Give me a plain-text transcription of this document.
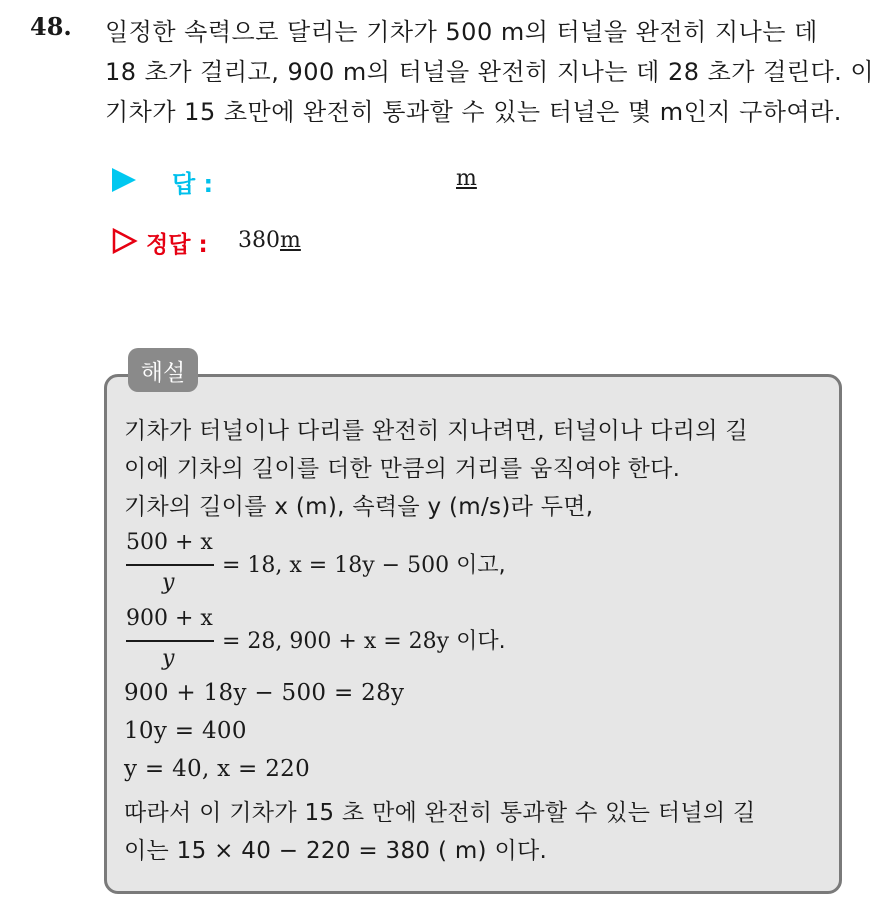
48. 일정한 속력으로 달리는 기차가 500 m의 터널을 완전히 지나는 데
18 초가 걸리고, 900 m의 터널을 완전히 지나는 데 28 초가 걸린다. 이
기차가 15 초만에 완전히 통과할 수 있는 터널은 몇 m인지 구하여라.
답 :	m
정답 : 380m
해설
기차가 터널이나 다리를 완전히 지나려면, 터널이나 다리의 길
이에 기차의 길이를 더한 만큼의 거리를 움직여야 한다.
기차의 길이를 x (m), 속력을 y (m/s)라 두면,
500 + x
y
= 18, x = 18y − 500 이고,
900 + x
y
= 28, 900 + x = 28y 이다.
900 + 18y − 500 = 28y
10y = 400
y = 40, x = 220
따라서 이 기차가 15 초 만에 완전히 통과할 수 있는 터널의 길
이는 15 × 40 − 220 = 380 ( m) 이다.
